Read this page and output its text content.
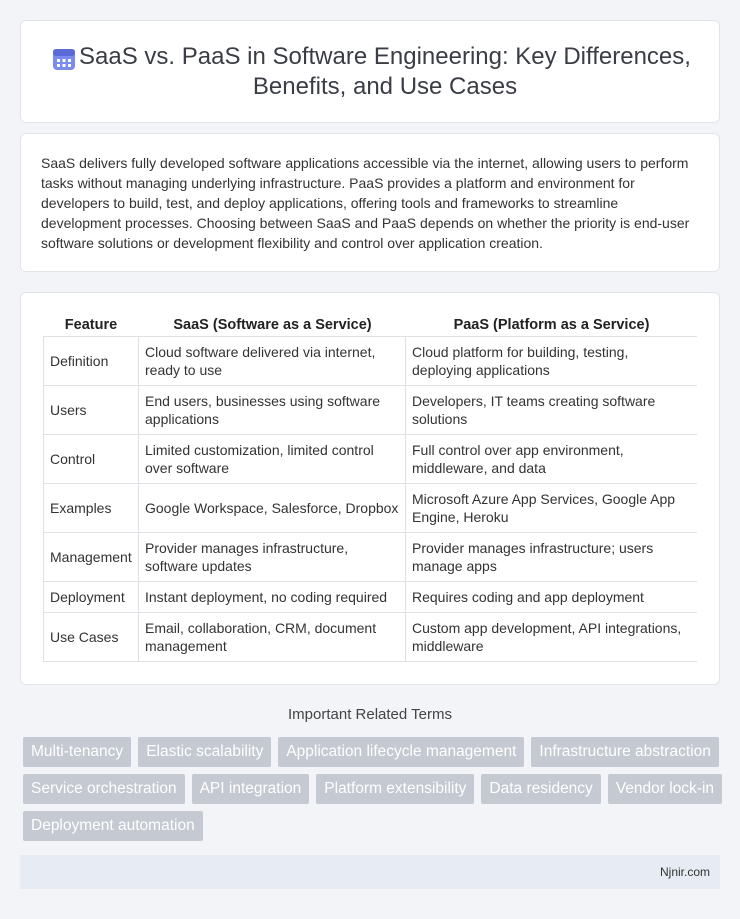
SaaS vs. PaaS in Software Engineering: Key Differences, Benefits, and Use Cases

SaaS delivers fully developed software applications accessible via the internet, allowing users to perform tasks without managing underlying infrastructure. PaaS provides a platform and environment for developers to build, test, and deploy applications, offering tools and frameworks to streamline development processes. Choosing between SaaS and PaaS depends on whether the priority is end-user software solutions or development flexibility and control over application creation.

Feature	SaaS (Software as a Service)	PaaS (Platform as a Service)
Definition	Cloud software delivered via internet, ready to use	Cloud platform for building, testing, deploying applications
Users	End users, businesses using software applications	Developers, IT teams creating software solutions
Control	Limited customization, limited control over software	Full control over app environment, middleware, and data
Examples	Google Workspace, Salesforce, Dropbox	Microsoft Azure App Services, Google App Engine, Heroku
Management	Provider manages infrastructure, software updates	Provider manages infrastructure; users manage apps
Deployment	Instant deployment, no coding required	Requires coding and app deployment
Use Cases	Email, collaboration, CRM, document management	Custom app development, API integrations, middleware
Important Related Terms
Multi-tenancy	Elastic scalability	Application lifecycle management	Infrastructure abstraction
Service orchestration	API integration	Platform extensibility	Data residency	Vendor lock-in
Deployment automation
Njnir.com
